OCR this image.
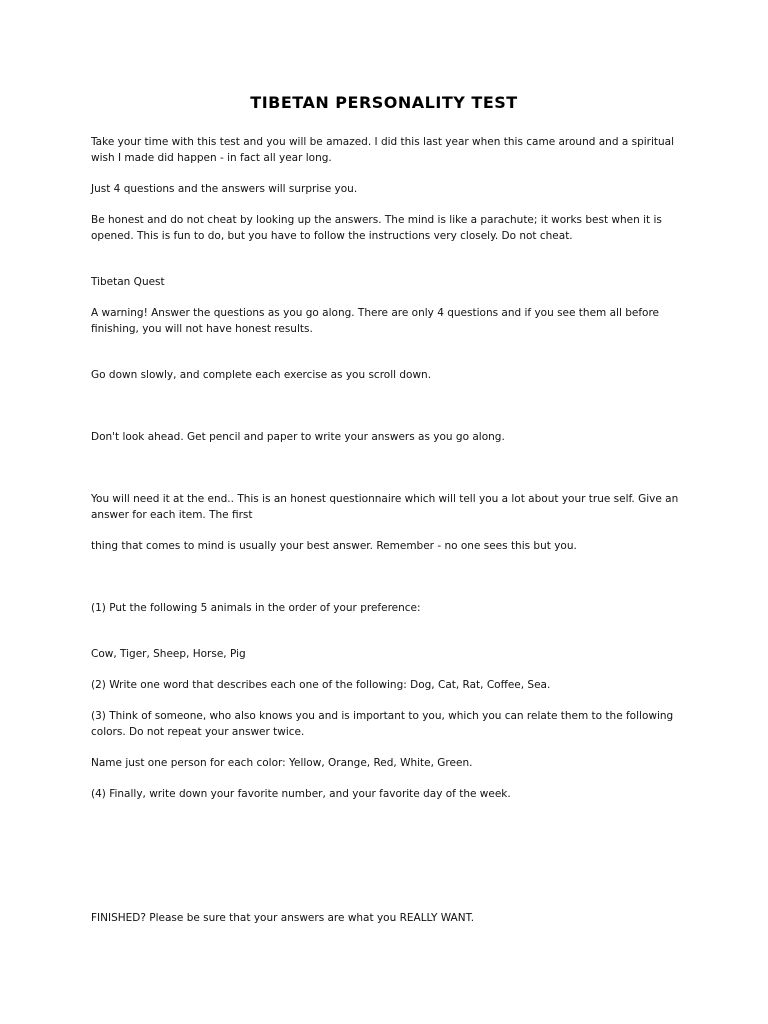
TIBETAN PERSONALITY TEST

Take your time with this test and you will be amazed. I did this last year when this came around and a spiritual wish I made did happen - in fact all year long.

Just 4 questions and the answers will surprise you.

Be honest and do not cheat by looking up the answers. The mind is like a parachute; it works best when it is opened. This is fun to do, but you have to follow the instructions very closely. Do not cheat.

Tibetan Quest

A warning! Answer the questions as you go along. There are only 4 questions and if you see them all before finishing, you will not have honest results.

Go down slowly, and complete each exercise as you scroll down.

Don't look ahead. Get pencil and paper to write your answers as you go along.

You will need it at the end.. This is an honest questionnaire which will tell you a lot about your true self. Give an answer for each item. The first

thing that comes to mind is usually your best answer. Remember - no one sees this but you.

(1) Put the following 5 animals in the order of your preference:

Cow, Tiger, Sheep, Horse, Pig

(2) Write one word that describes each one of the following: Dog, Cat, Rat, Coffee, Sea.

(3) Think of someone, who also knows you and is important to you, which you can relate them to the following colors. Do not repeat your answer twice.

Name just one person for each color: Yellow, Orange, Red, White, Green.

(4) Finally, write down your favorite number, and your favorite day of the week.

FINISHED? Please be sure that your answers are what you REALLY WANT.
